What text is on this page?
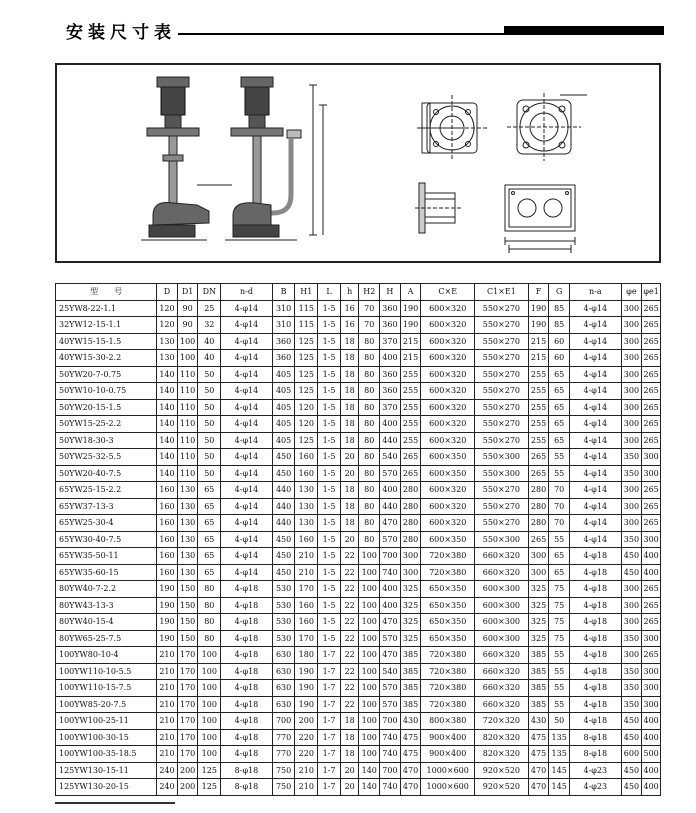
安装尺寸表
型　　号	D	D1	DN	n-d	B	H1	L	h	H2	H	A	C×E	C1×E1	F	G	n-a	φe	φe1
25YW8-22-1.1	120	90	25	4-φ14	310	115	1-5	16	70	360	190	600×320	550×270	190	85	4-φ14	300	265
32YW12-15-1.1	120	90	32	4-φ14	310	115	1-5	16	70	360	190	600×320	550×270	190	85	4-φ14	300	265
40YW15-15-1.5	130	100	40	4-φ14	360	125	1-5	18	80	370	215	600×320	550×270	215	60	4-φ14	300	265
40YW15-30-2.2	130	100	40	4-φ14	360	125	1-5	18	80	400	215	600×320	550×270	215	60	4-φ14	300	265
50YW20-7-0.75	140	110	50	4-φ14	405	125	1-5	18	80	360	255	600×320	550×270	255	65	4-φ14	300	265
50YW10-10-0.75	140	110	50	4-φ14	405	125	1-5	18	80	360	255	600×320	550×270	255	65	4-φ14	300	265
50YW20-15-1.5	140	110	50	4-φ14	405	120	1-5	18	80	370	255	600×320	550×270	255	65	4-φ14	300	265
50YW15-25-2.2	140	110	50	4-φ14	405	120	1-5	18	80	400	255	600×320	550×270	255	65	4-φ14	300	265
50YW18-30-3	140	110	50	4-φ14	405	125	1-5	18	80	440	255	600×320	550×270	255	65	4-φ14	300	265
50YW25-32-5.5	140	110	50	4-φ14	450	160	1-5	20	80	540	265	600×350	550×300	265	55	4-φ14	350	300
50YW20-40-7.5	140	110	50	4-φ14	450	160	1-5	20	80	570	265	600×350	550×300	265	55	4-φ14	350	300
65YW25-15-2.2	160	130	65	4-φ14	440	130	1-5	18	80	400	280	600×320	550×270	280	70	4-φ14	300	265
65YW37-13-3	160	130	65	4-φ14	440	130	1-5	18	80	440	280	600×320	550×270	280	70	4-φ14	300	265
65YW25-30-4	160	130	65	4-φ14	440	130	1-5	18	80	470	280	600×320	550×270	280	70	4-φ14	300	265
65YW30-40-7.5	160	130	65	4-φ14	450	160	1-5	20	80	570	280	600×350	550×300	265	55	4-φ14	350	300
65YW35-50-11	160	130	65	4-φ14	450	210	1-5	22	100	700	300	720×380	660×320	300	65	4-φ18	450	400
65YW35-60-15	160	130	65	4-φ14	450	210	1-5	22	100	740	300	720×380	660×320	300	65	4-φ18	450	400
80YW40-7-2.2	190	150	80	4-φ18	530	170	1-5	22	100	400	325	650×350	600×300	325	75	4-φ18	300	265
80YW43-13-3	190	150	80	4-φ18	530	160	1-5	22	100	400	325	650×350	600×300	325	75	4-φ18	300	265
80YW40-15-4	190	150	80	4-φ18	530	160	1-5	22	100	470	325	650×350	600×300	325	75	4-φ18	300	265
80YW65-25-7.5	190	150	80	4-φ18	530	170	1-5	22	100	570	325	650×350	600×300	325	75	4-φ18	350	300
100YW80-10-4	210	170	100	4-φ18	630	180	1-7	22	100	470	385	720×380	660×320	385	55	4-φ18	300	265
100YW110-10-5.5	210	170	100	4-φ18	630	190	1-7	22	100	540	385	720×380	660×320	385	55	4-φ18	350	300
100YW110-15-7.5	210	170	100	4-φ18	630	190	1-7	22	100	570	385	720×380	660×320	385	55	4-φ18	350	300
100YW85-20-7.5	210	170	100	4-φ18	630	190	1-7	22	100	570	385	720×380	660×320	385	55	4-φ18	350	300
100YW100-25-11	210	170	100	4-φ18	700	200	1-7	18	100	700	430	800×380	720×320	430	50	4-φ18	450	400
100YW100-30-15	210	170	100	4-φ18	770	220	1-7	18	100	740	475	900×400	820×320	475	135	8-φ18	450	400
100YW100-35-18.5	210	170	100	4-φ18	770	220	1-7	18	100	740	475	900×400	820×320	475	135	8-φ18	600	500
125YW130-15-11	240	200	125	8-φ18	750	210	1-7	20	140	700	470	1000×600	920×520	470	145	4-φ23	450	400
125YW130-20-15	240	200	125	8-φ18	750	210	1-7	20	140	740	470	1000×600	920×520	470	145	4-φ23	450	400
